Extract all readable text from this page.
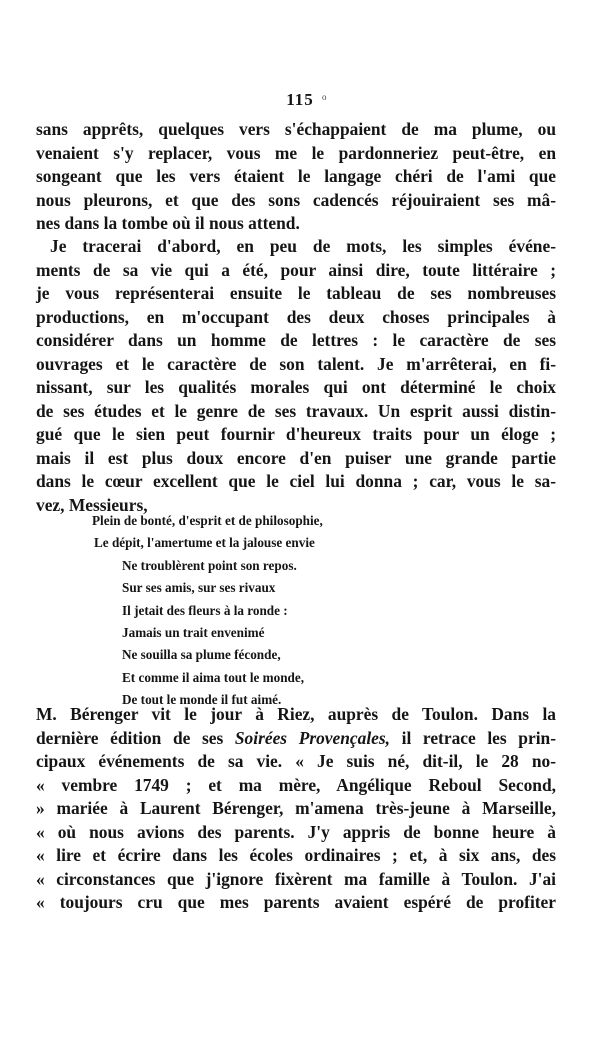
115 o
sans apprêts, quelques vers s'échappaient de ma plume, ou
venaient s'y replacer, vous me le pardonneriez peut-être, en
songeant que les vers étaient le langage chéri de l'ami que
nous pleurons, et que des sons cadencés réjouiraient ses mâ-
nes dans la tombe où il nous attend.
Je tracerai d'abord, en peu de mots, les simples événe-
ments de sa vie qui a été, pour ainsi dire, toute littéraire ;
je vous représenterai ensuite le tableau de ses nombreuses
productions, en m'occupant des deux choses principales à
considérer dans un homme de lettres : le caractère de ses
ouvrages et le caractère de son talent. Je m'arrêterai, en fi-
nissant, sur les qualités morales qui ont déterminé le choix
de ses études et le genre de ses travaux. Un esprit aussi distin-
gué que le sien peut fournir d'heureux traits pour un éloge ;
mais il est plus doux encore d'en puiser une grande partie
dans le cœur excellent que le ciel lui donna ; car, vous le sa-
vez, Messieurs,
Plein de bonté, d'esprit et de philosophie,
Le dépit, l'amertume et la jalouse envie
Ne troublèrent point son repos.
Sur ses amis, sur ses rivaux
Il jetait des fleurs à la ronde :
Jamais un trait envenimé
Ne souilla sa plume féconde,
Et comme il aima tout le monde,
De tout le monde il fut aimé.
M. Bérenger vit le jour à Riez, auprès de Toulon. Dans la
dernière édition de ses Soirées Provençales, il retrace les prin-
cipaux événements de sa vie. « Je suis né, dit-il, le 28 no-
« vembre 1749 ; et ma mère, Angélique Reboul Second,
» mariée à Laurent Bérenger, m'amena très-jeune à Marseille,
« où nous avions des parents. J'y appris de bonne heure à
« lire et écrire dans les écoles ordinaires ; et, à six ans, des
« circonstances que j'ignore fixèrent ma famille à Toulon. J'ai
« toujours cru que mes parents avaient espéré de profiter
